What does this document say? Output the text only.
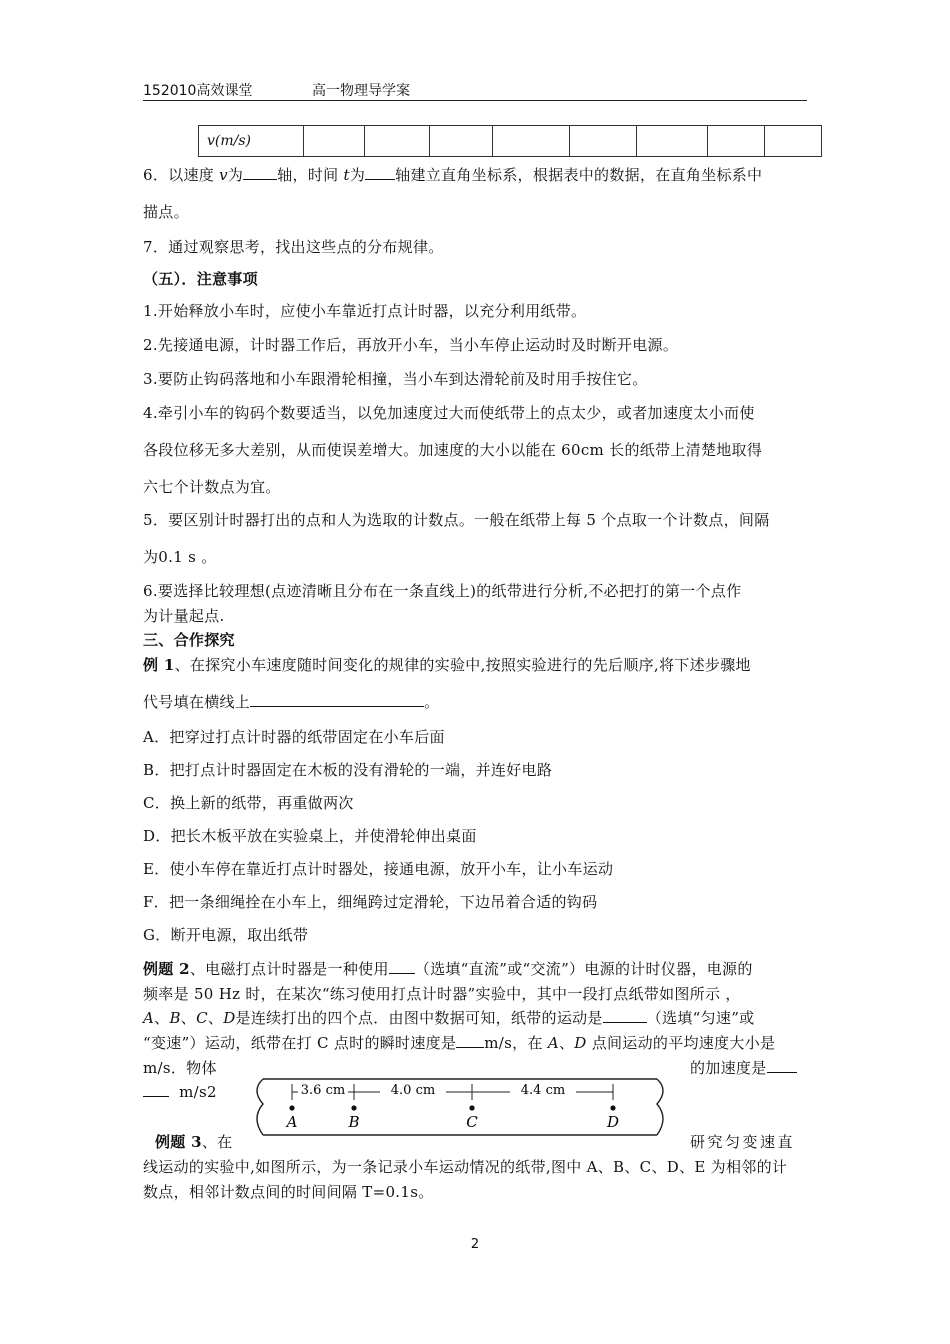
152010高效课堂	高一物理导学案
v(m/s)								
6．以速度 v为 轴，时间 t为 轴建立直角坐标系，根据表中的数据，在直角坐标系中
描点。
7．通过观察思考，找出这些点的分布规律。
（五）．注意事项
1.开始释放小车时，应使小车靠近打点计时器，以充分利用纸带。
2.先接通电源，计时器工作后，再放开小车，当小车停止运动时及时断开电源。
3.要防止钩码落地和小车跟滑轮相撞，当小车到达滑轮前及时用手按住它。
4.牵引小车的钩码个数要适当，以免加速度过大而使纸带上的点太少，或者加速度太小而使
各段位移无多大差别，从而使误差增大。加速度的大小以能在 60cm 长的纸带上清楚地取得
六七个计数点为宜。
5．要区别计时器打出的点和人为选取的计数点。一般在纸带上每 5 个点取一个计数点，间隔
为0.1 s 。
6.要选择比较理想(点迹清晰且分布在一条直线上)的纸带进行分析,不必把打的第一个点作
为计量起点.
三、合作探究
例 1、在探究小车速度随时间变化的规律的实验中,按照实验进行的先后顺序,将下述步骤地
代号填在横线上	。
A．把穿过打点计时器的纸带固定在小车后面
B．把打点计时器固定在木板的没有滑轮的一端，并连好电路
C．换上新的纸带，再重做两次
D．把长木板平放在实验桌上，并使滑轮伸出桌面
E．使小车停在靠近打点计时器处，接通电源，放开小车，让小车运动
F．把一条细绳拴在小车上，细绳跨过定滑轮，下边吊着合适的钩码
G．断开电源，取出纸带
例题 2、电磁打点计时器是一种使用 （选填“直流”或“交流”）电源的计时仪器，电源的
频率是 50 Hz 时，在某次“练习使用打点计时器”实验中，其中一段打点纸带如图所示 ，
A、B、C、D是连续打出的四个点．由图中数据可知，纸带的运动是	（选填“匀速”或
“变速”）运动，纸带在打 C 点时的瞬时速度是 m/s，在 A、D 点间运动的平均速度大小是
m/s．物体	的加速度是
m/s2	3.6 cm	4.0 cm	4.4 cm
A	B	C	D
例题 3、在	研究匀变速直
线运动的实验中,如图所示，为一条记录小车运动情况的纸带,图中 A、B、C、D、E 为相邻的计
数点，相邻计数点间的时间间隔 T=0.1s。
2
